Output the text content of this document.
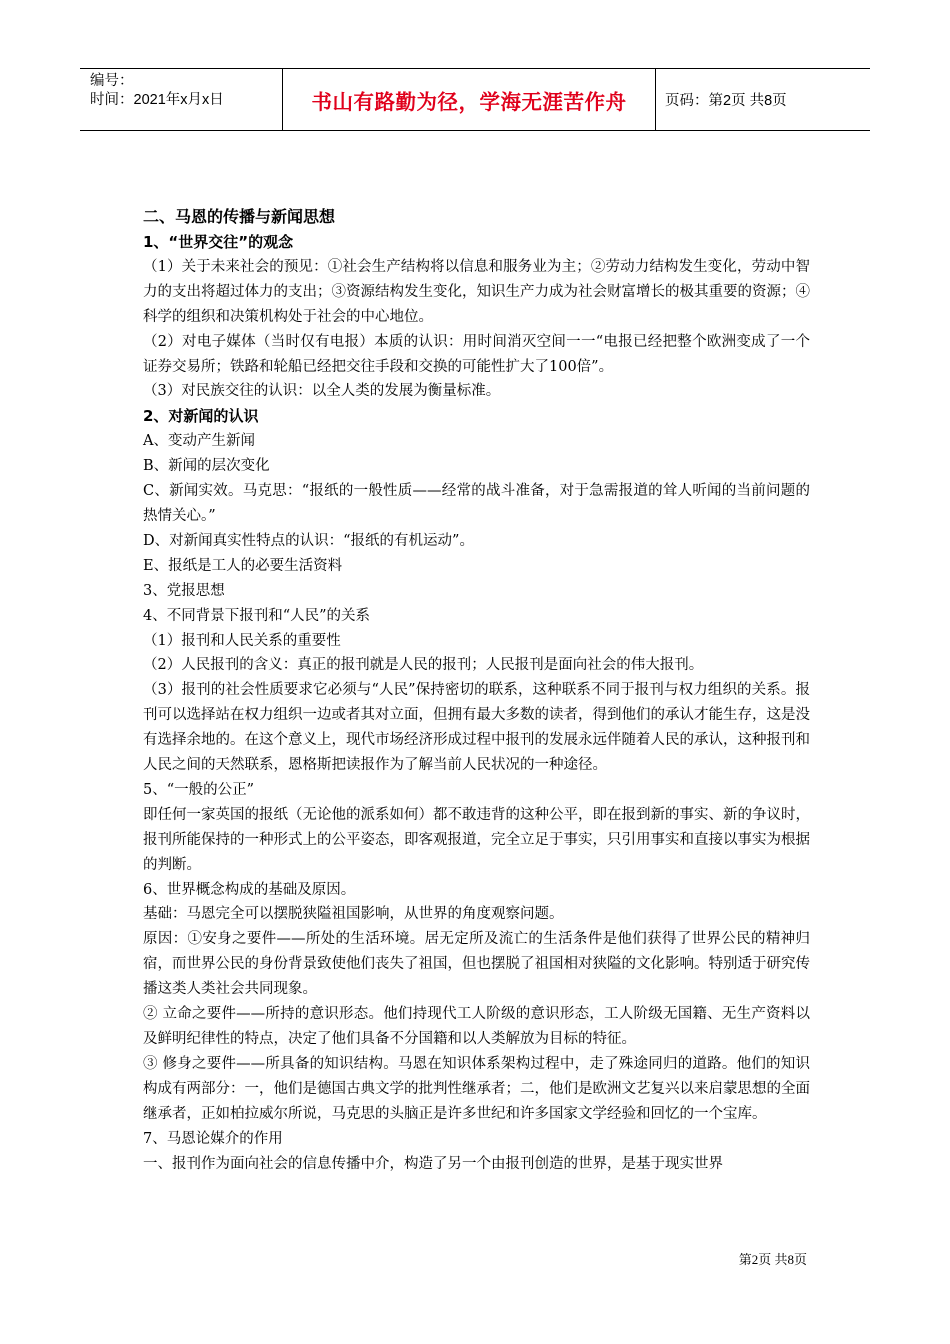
编号：
时间：2021年x月x日	书山有路勤为径，学海无涯苦作舟	页码：第2页 共8页

二、马恩的传播与新闻思想

1、“世界交往”的观念

（1）关于未来社会的预见：①社会生产结构将以信息和服务业为主；②劳动力结构发生变化，劳动中智力的支出将超过体力的支出；③资源结构发生变化，知识生产力成为社会财富增长的极其重要的资源；④科学的组织和决策机构处于社会的中心地位。

（2）对电子媒体（当时仅有电报）本质的认识：用时间消灭空间一一“电报已经把整个欧洲变成了一个证券交易所；铁路和轮船已经把交往手段和交换的可能性扩大了100倍”。

（3）对民族交往的认识：以全人类的发展为衡量标准。

2、对新闻的认识

A、变动产生新闻

B、新闻的层次变化

C、新闻实效。马克思：“报纸的一般性质——经常的战斗准备，对于急需报道的耸人听闻的当前问题的热情关心。”

D、对新闻真实性特点的认识：“报纸的有机运动”。

E、报纸是工人的必要生活资料

3、党报思想

4、不同背景下报刊和“人民”的关系

（1）报刊和人民关系的重要性

（2）人民报刊的含义：真正的报刊就是人民的报刊；人民报刊是面向社会的伟大报刊。

（3）报刊的社会性质要求它必须与“人民”保持密切的联系，这种联系不同于报刊与权力组织的关系。报刊可以选择站在权力组织一边或者其对立面，但拥有最大多数的读者，得到他们的承认才能生存，这是没有选择余地的。在这个意义上，现代市场经济形成过程中报刊的发展永远伴随着人民的承认，这种报刊和人民之间的天然联系，恩格斯把读报作为了解当前人民状况的一种途径。

5、“一般的公正”

即任何一家英国的报纸（无论他的派系如何）都不敢违背的这种公平，即在报到新的事实、新的争议时，报刊所能保持的一种形式上的公平姿态，即客观报道，完全立足于事实，只引用事实和直接以事实为根据的判断。

6、世界概念构成的基础及原因。

基础：马恩完全可以摆脱狭隘祖国影响，从世界的角度观察问题。

原因：①安身之要件——所处的生活环境。居无定所及流亡的生活条件是他们获得了世界公民的精神归宿，而世界公民的身份背景致使他们丧失了祖国，但也摆脱了祖国相对狭隘的文化影响。特别适于研究传播这类人类社会共同现象。

② 立命之要件——所持的意识形态。他们持现代工人阶级的意识形态，工人阶级无国籍、无生产资料以及鲜明纪律性的特点，决定了他们具备不分国籍和以人类解放为目标的特征。

③ 修身之要件——所具备的知识结构。马恩在知识体系架构过程中，走了殊途同归的道路。他们的知识构成有两部分：一，他们是德国古典文学的批判性继承者；二，他们是欧洲文艺复兴以来启蒙思想的全面继承者，正如柏拉威尔所说，马克思的头脑正是许多世纪和许多国家文学经验和回忆的一个宝库。

7、马恩论媒介的作用

一、报刊作为面向社会的信息传播中介，构造了另一个由报刊创造的世界，是基于现实世界

第2页 共8页
